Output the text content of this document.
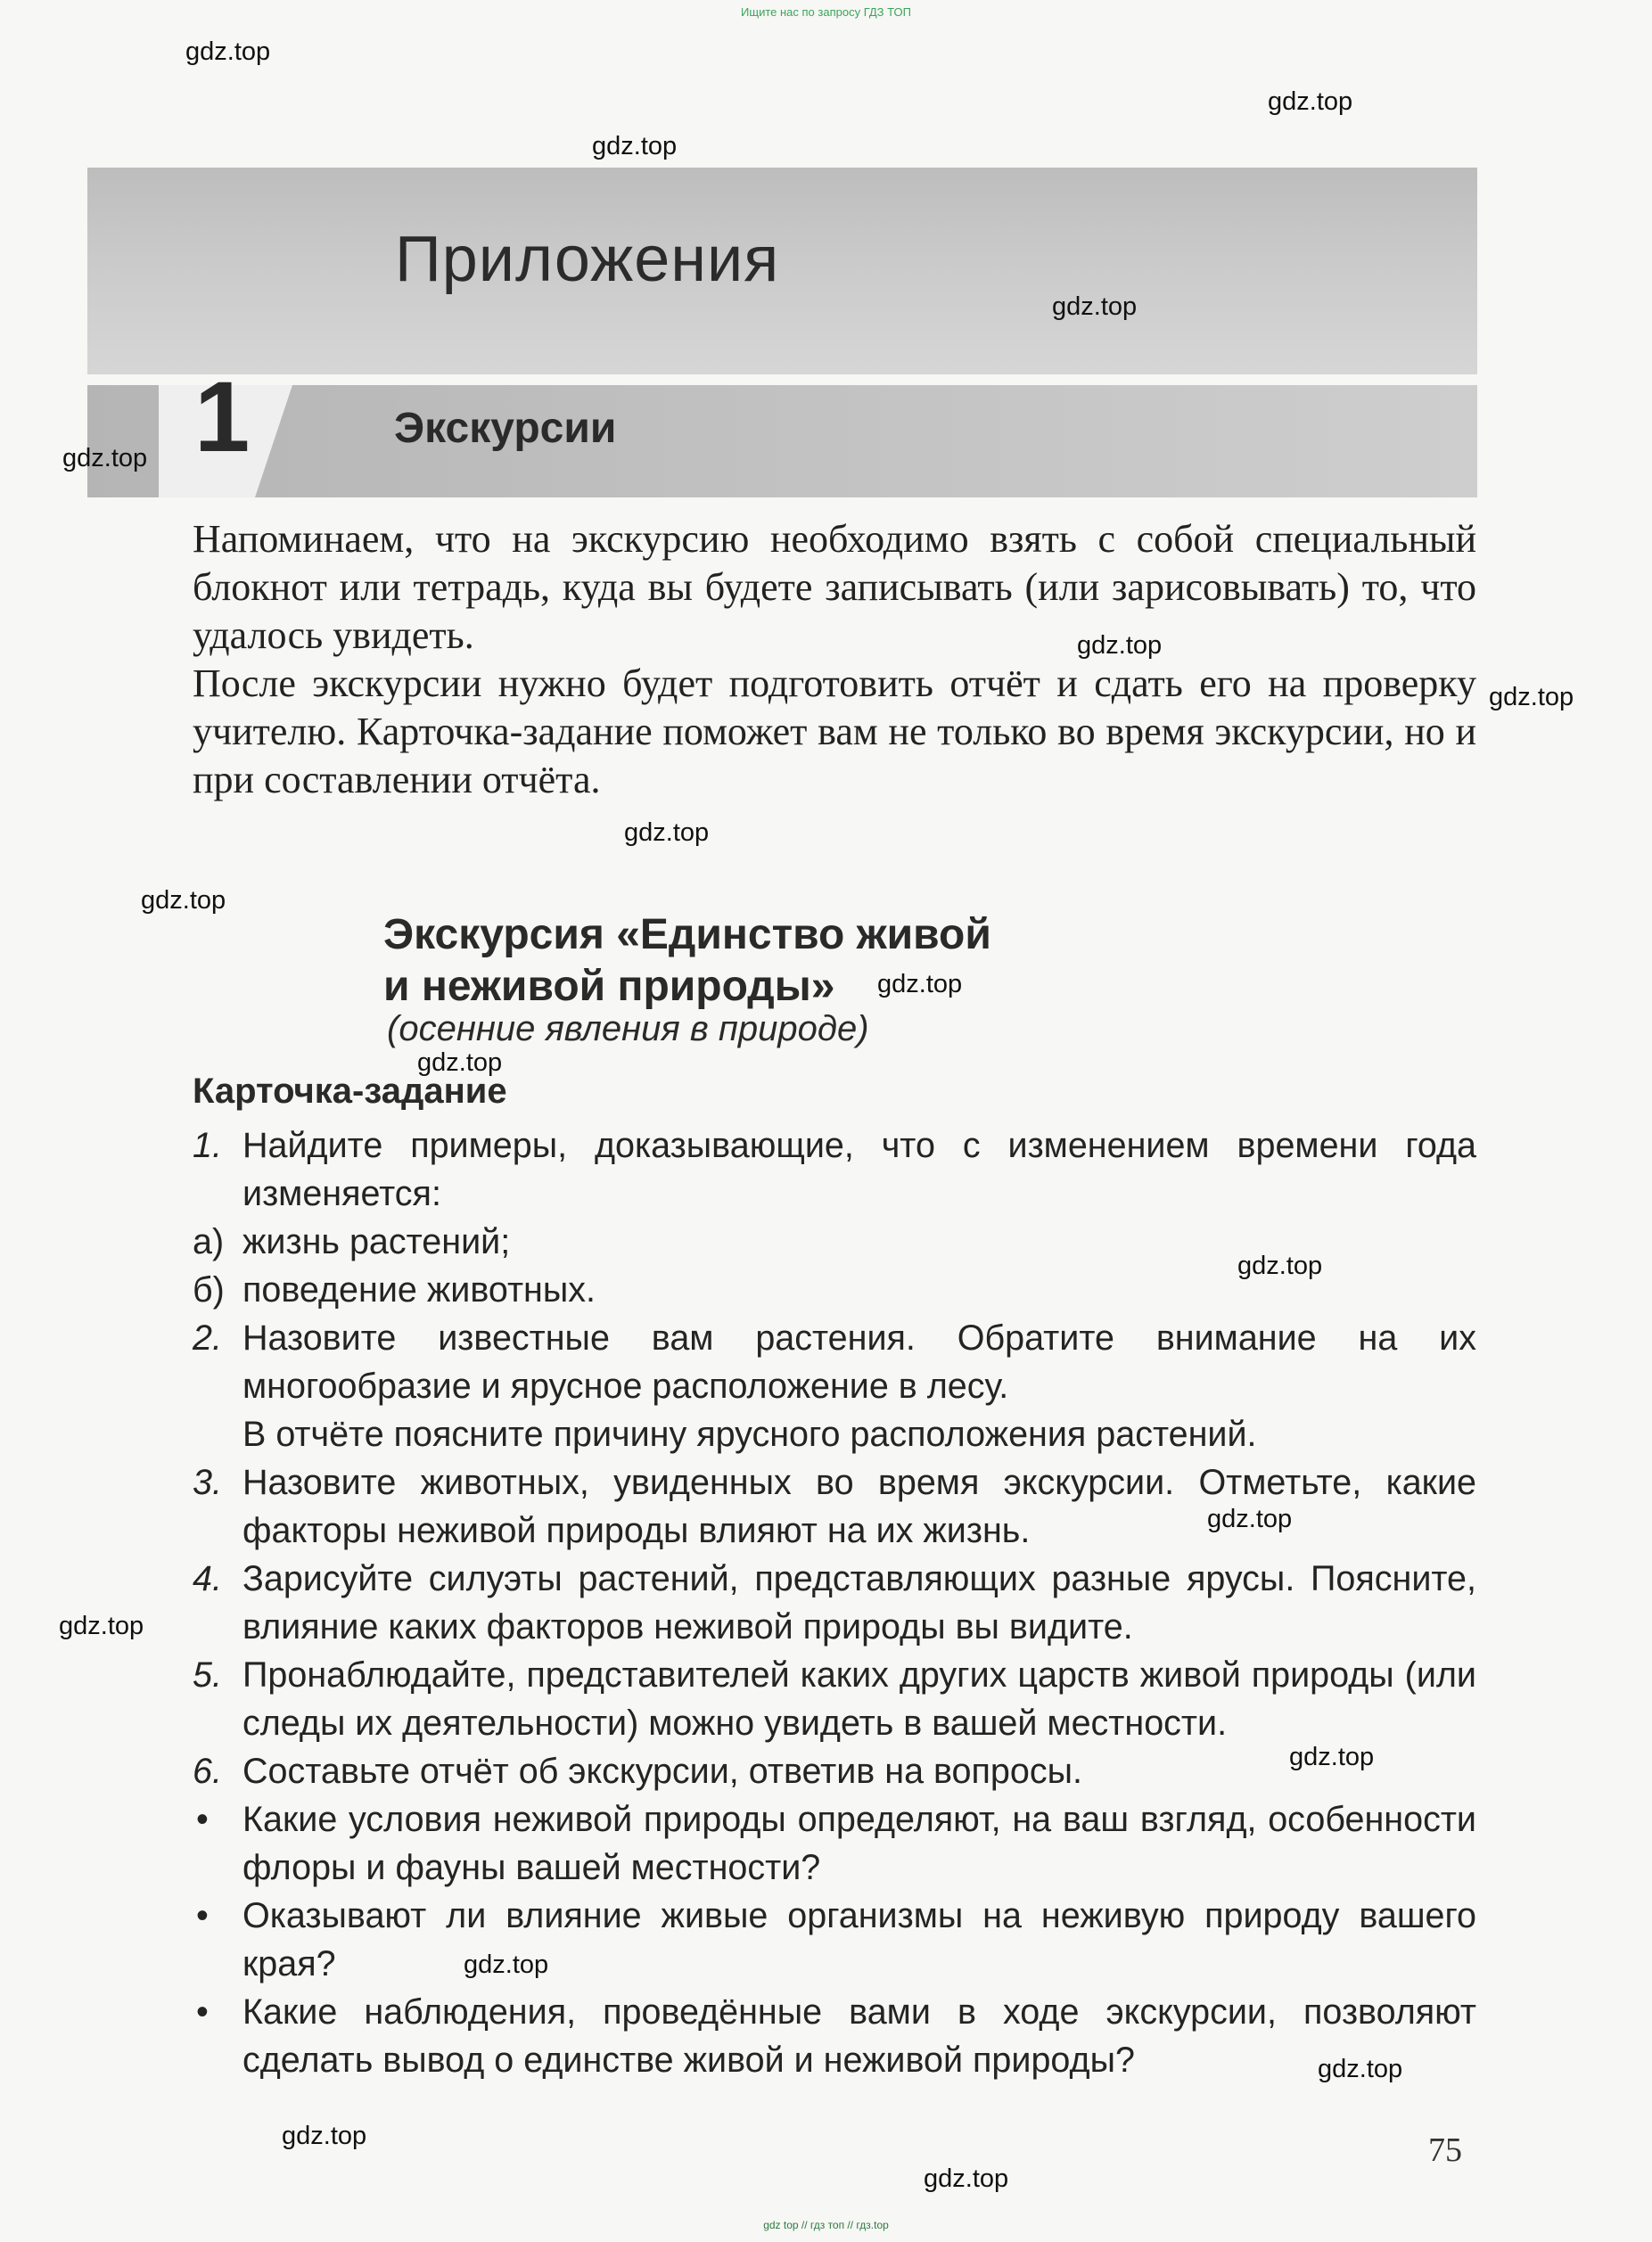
Ищите нас по запросу ГДЗ ТОП
gdz top // гдз топ // гдз.top
Приложения
1	Экскурсии

Напоминаем, что на экскурсию необходимо взять с собой специальный блокнот или тетрадь, куда вы будете записывать (или зарисовывать) то, что удалось увидеть.

После экскурсии нужно будет подготовить отчёт и сдать его на проверку учителю. Карточка-задание поможет вам не только во время экскурсии, но и при составлении отчёта.

Экскурсия «Единство живой
и неживой природы»
(осенние явления в природе)
Карточка-задание
1. Найдите примеры, доказывающие, что с изменением времени года изменяется:
а) жизнь растений;
б) поведение животных.
2. Назовите известные вам растения. Обратите внимание на их многообразие и ярусное расположение в лесу.
В отчёте поясните причину ярусного расположения растений.
3. Назовите животных, увиденных во время экскурсии. Отметьте, какие факторы неживой природы влияют на их жизнь.
4. Зарисуйте силуэты растений, представляющих разные ярусы. Поясните, влияние каких факторов неживой природы вы видите.
5. Пронаблюдайте, представителей каких других царств живой природы (или следы их деятельности) можно увидеть в вашей местности.
6. Составьте отчёт об экскурсии, ответив на вопросы.
• Какие условия неживой природы определяют, на ваш взгляд, особенности флоры и фауны вашей местности?
• Оказывают ли влияние живые организмы на неживую природу вашего края?
• Какие наблюдения, проведённые вами в ходе экскурсии, позволяют сделать вывод о единстве живой и неживой природы?
75
gdz.top
gdz.top
gdz.top
gdz.top
gdz.top
gdz.top
gdz.top
gdz.top
gdz.top
gdz.top
gdz.top
gdz.top
gdz.top
gdz.top
gdz.top
gdz.top
gdz.top
gdz.top
gdz.top
